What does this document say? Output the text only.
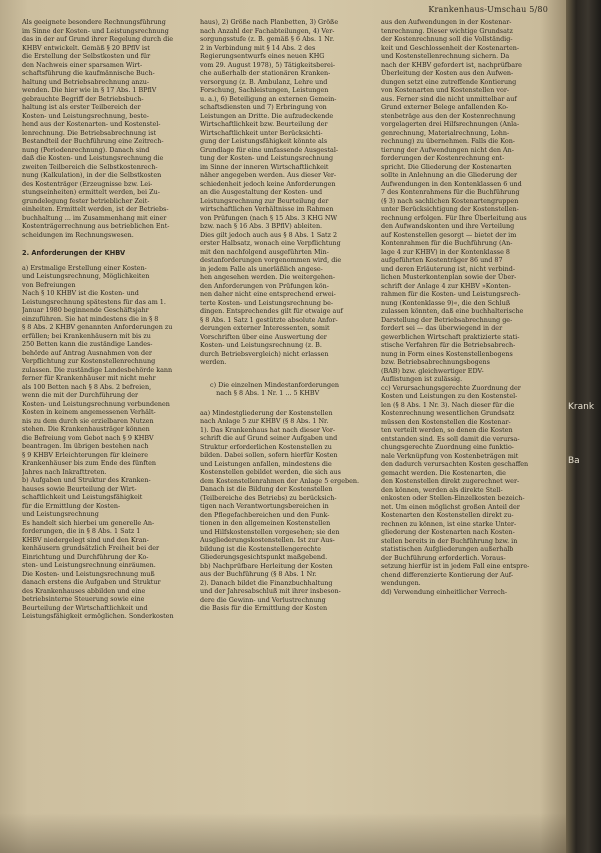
Krankenhaus-Umschau 5/80
Als geeignete besondere Rechnungsführung
im Sinne der Kosten- und Leistungsrechnung
das in der auf Grund ihrer Regelung durch die
KHBV entwickelt. Gemäß § 20 BPflV ist
die Erstellung der Selbstkosten und für
den Nachweis einer sparsamen Wirt-
schaftsführung die kaufmännische Buch-
haltung und Betriebsabrechnung anzu-
wenden. Die hier wie in § 17 Abs. 1 BPflV
gebrauchte Begriff der Betriebsbuch-
haltung ist als erster Teilbereich der
Kosten- und Leistungsrechnung, beste-
hend aus der Kostenarten- und Kostenstel-
lenrechnung. Die Betriebsabrechnung ist
Bestandteil der Buchführung eine Zeitrech-
nung (Periodenrechnung). Danach sind
daß die Kosten- und Leistungsrechnung die
zweiten Teilbereich die Selbstkostenrech-
nung (Kalkulation), in der die Selbstkosten
des Kostenträger (Erzeugnisse bzw. Lei-
stungseinheiten) ermittelt werden, bei Zu-
grundelegung fester betrieblicher Zeit-
einheiten. Ermittelt werden, ist der Betriebs-
buchhaltung ... im Zusammenhang mit einer
Kostenträgerrechnung aus betrieblichen Ent-
scheidungen im Rechnungswesen.
2. Anforderungen der KHBV
a) Erstmalige Erstellung einer Kosten-
und Leistungsrechnung, Möglichkeiten
von Befreiungen
Nach § 10 KHBV ist die Kosten- und
Leistungsrechnung spätestens für das am 1.
Januar 1980 beginnende Geschäftsjahr
einzuführen. Sie hat mindestens die in § 8
§ 8 Abs. 2 KHBV genannten Anforderungen zu
erfüllen; bei Krankenhäusern mit bis zu
250 Betten kann die zuständige Landes-
behörde auf Antrag Ausnahmen von der
Verpflichtung zur Kostenstellenrechnung
zulassen. Die zuständige Landesbehörde kann
ferner für Krankenhäuser mit nicht mehr
als 100 Betten nach § 8 Abs. 2 befreien,
wenn die mit der Durchführung der
Kosten- und Leistungsrechnung verbundenen
Kosten in keinem angemessenen Verhält-
nis zu dem durch sie erzielbaren Nutzen
stehen. Die Krankenhausträger können
die Befreiung vom Gebot nach § 9 KHBV
beantragen. Im übrigen bestehen nach
§ 9 KHBV Erleichterungen für kleinere
Krankenhäuser bis zum Ende des fünften
Jahres nach Inkrafttreten.
b) Aufgaben und Struktur des Kranken-
hauses sowie Beurteilung der Wirt-
schaftlichkeit und Leistungsfähigkeit
für die Ermittlung der Kosten-
und Leistungsrechnung
Es handelt sich hierbei um generelle An-
forderungen, die in § 8 Abs. 1 Satz 1
KHBV niedergelegt sind und den Kran-
kenhäusern grundsätzlich Freiheit bei der
Einrichtung und Durchführung der Ko-
sten- und Leistungsrechnung einräumen.
Die Kosten- und Leistungsrechnung muß
danach erstens die Aufgaben und Struktur
des Krankenhauses abbilden und eine
betriebsinterne Steuerung sowie eine
Beurteilung der Wirtschaftlichkeit und
Leistungsfähigkeit ermöglichen. Sonderkosten
haus), 2) Größe nach Planbetten, 3) Größe
nach Anzahl der Fachabteilungen, 4) Ver-
sorgungsstufe (z. B. gemäß § 6 Abs. 1 Nr.
2 in Verbindung mit § 14 Abs. 2 des
Regierungsentwurfs eines neuen KHG
vom 29. August 1978), 5) Tätigkeitsberei-
che außerhalb der stationären Kranken-
versorgung (z. B. Ambulanz, Lehre und
Forschung, Sachleistungen, Leistungen
u. a.), 6) Beteiligung an externen Gemein-
schaftsdiensten und 7) Erbringung von
Leistungen an Dritte. Die aufzudeckende
Wirtschaftlichkeit bzw. Beurteilung der
Wirtschaftlichkeit unter Berücksichti-
gung der Leistungsfähigkeit könnte als
Grundlage für eine umfassende Ausgestal-
tung der Kosten- und Leistungsrechnung
im Sinne der inneren Wirtschaftlichkeit
näher angegeben werden. Aus dieser Ver-
schiedenheit jedoch keine Anforderungen
an die Ausgestaltung der Kosten- und
Leistungsrechnung zur Beurteilung der
wirtschaftlichen Verhältnisse im Rahmen
von Prüfungen (nach § 15 Abs. 3 KHG NW
bzw. nach § 16 Abs. 3 BPflV) ableiten.
Dies gilt jedoch auch aus § 8 Abs. 1 Satz 2
erster Halbsatz, wonach eine Verpflichtung
mit den nachfolgend ausgeführten Min-
destanforderungen vorgenommen wird, die
in jedem Falle als unerläßlich angese-
hen angesehen werden. Die weitergehen-
den Anforderungen von Prüfungen kön-
nen daher nicht eine entsprechend erwei-
terte Kosten- und Leistungsrechnung be-
dingen. Entsprechendes gilt für etwaige auf
§ 8 Abs. 1 Satz 1 gestützte absolute Anfor-
derungen externer Interessenten, somit
Vorschriften über eine Auswertung der
Kosten- und Leistungsrechnung (z. B.
durch Betriebsvergleich) nicht erlassen
werden.
c) Die einzelnen Mindestanforderungen
nach § 8 Abs. 1 Nr. 1 ... 5 KHBV
aa) Mindestgliederung der Kostenstellen
nach Anlage 5 zur KHBV (§ 8 Abs. 1 Nr.
1). Das Krankenhaus hat nach dieser Vor-
schrift die auf Grund seiner Aufgaben und
Struktur erforderlichen Kostenstellen zu
bilden. Dabei sollen, sofern hierfür Kosten
und Leistungen anfallen, mindestens die
Kostenstellen gebildet werden, die sich aus
dem Kostenstellenrahmen der Anlage 5 ergeben.
Danach ist die Bildung der Kostenstellen
(Teilbereiche des Betriebs) zu berücksich-
tigen nach Verantwortungsbereichen in
den Pflegefachbereichen und den Funk-
tionen in den allgemeinen Kostenstellen
und Hilfskostenstellen vorgesehen; sie den
Ausgliederungskostenstellen. Ist zur Aus-
bildung ist die Kostenstellengerechte
Gliederungsgesichtspunkt maßgebend.
bb) Nachprüfbare Herleitung der Kosten
aus der Buchführung (§ 8 Abs. 1 Nr.
2). Danach bildet die Finanzbuchhaltung
und der Jahresabschluß mit ihrer insbeson-
dere die Gewinn- und Verlustrechnung
die Basis für die Ermittlung der Kosten
aus den Aufwendungen in der Kostenar-
tenrechnung. Dieser wichtige Grundsatz
der Kostenrechnung soll die Vollständig-
keit und Geschlossenheit der Kostenarten-
und Kostenstellenrechnung sichern. Da
nach der KHBV gefordert ist, nachprüfbare
Überleitung der Kosten aus den Aufwen-
dungen setzt eine zutreffende Kontierung
von Kostenarten und Kostenstellen vor-
aus. Ferner sind die nicht unmittelbar auf
Grund externer Belege anfallenden Ko-
stenbeträge aus den der Kostenrechnung
vorgelagerten drei Hilfsrechnungen (Anla-
genrechnung, Materialrechnung, Lohn-
rechnung) zu übernehmen. Falls die Kon-
tierung der Aufwendungen nicht den An-
forderungen der Kostenrechnung ent-
spricht. Die Gliederung der Kostenarten
sollte in Anlehnung an die Gliederung der
Aufwendungen in den Kontenklassen 6 und
7 des Kontenrahmens für die Buchführung
(§ 3) nach sachlichen Kostenartengruppen
unter Berücksichtigung der Kostenstellen-
rechnung erfolgen. Für Ihre Überleitung aus
den Aufwandskonten und ihre Verteilung
auf Kostenstellen gesorgt — bietet der im
Kontenrahmen für die Buchführung (An-
lage 4 zur KHBV) in der Kontenklasse 8
aufgeführten Kostenträger 86 und 87
und deren Erläuterung ist, nicht verbind-
lichen Musterkontenplan sowie der Über-
schrift der Anlage 4 zur KHBV »Konten-
rahmen für die Kosten- und Leistungsrech-
nung (Kontenklasse 9)«, die den Schluß
zulassen könnten, daß eine buchhalterische
Darstellung der Betriebsabrechnung ge-
fordert sei — das überwiegend in der
gewerblichen Wirtschaft praktizierte stati-
stische Verfahren für die Betriebsabrech-
nung in Form eines Kostenstellenbogens
bzw. Betriebsabrechnungsbogens
(BAB) bzw. gleichwertiger EDV-
Auflistungen ist zulässig.
cc) Verursachungsgerechte Zuordnung der
Kosten und Leistungen zu den Kostenstel-
len (§ 8 Abs. 1 Nr. 3). Nach dieser für die
Kostenrechnung wesentlichen Grundsatz
müssen den Kostenstellen die Kostenar-
ten verteilt werden, so denen die Kosten
entstanden sind. Es soll damit die verursa-
chungsgerechte Zuordnung eine funktio-
nale Verknüpfung von Kostenbeträgen mit
den dadurch verursachten Kosten geschaffen
gemacht werden. Die Kostenarten, die
den Kostenstellen direkt zugerechnet wer-
den können, werden als direkte Stell-
enkosten oder Stellen-Einzelkosten bezeich-
net. Um einen möglichst großen Anteil der
Kostenarten den Kostenstellen direkt zu-
rechnen zu können, ist eine starke Unter-
gliederung der Kostenarten nach Kosten-
stellen bereits in der Buchführung bzw. in
statistischen Aufgliederungen außerhalb
der Buchführung erforderlich. Voraus-
setzung hierfür ist in jedem Fall eine entspre-
chend differenzierte Kontierung der Auf-
wendungen.
dd) Verwendung einheitlicher Verrech-
Krank
Ba
